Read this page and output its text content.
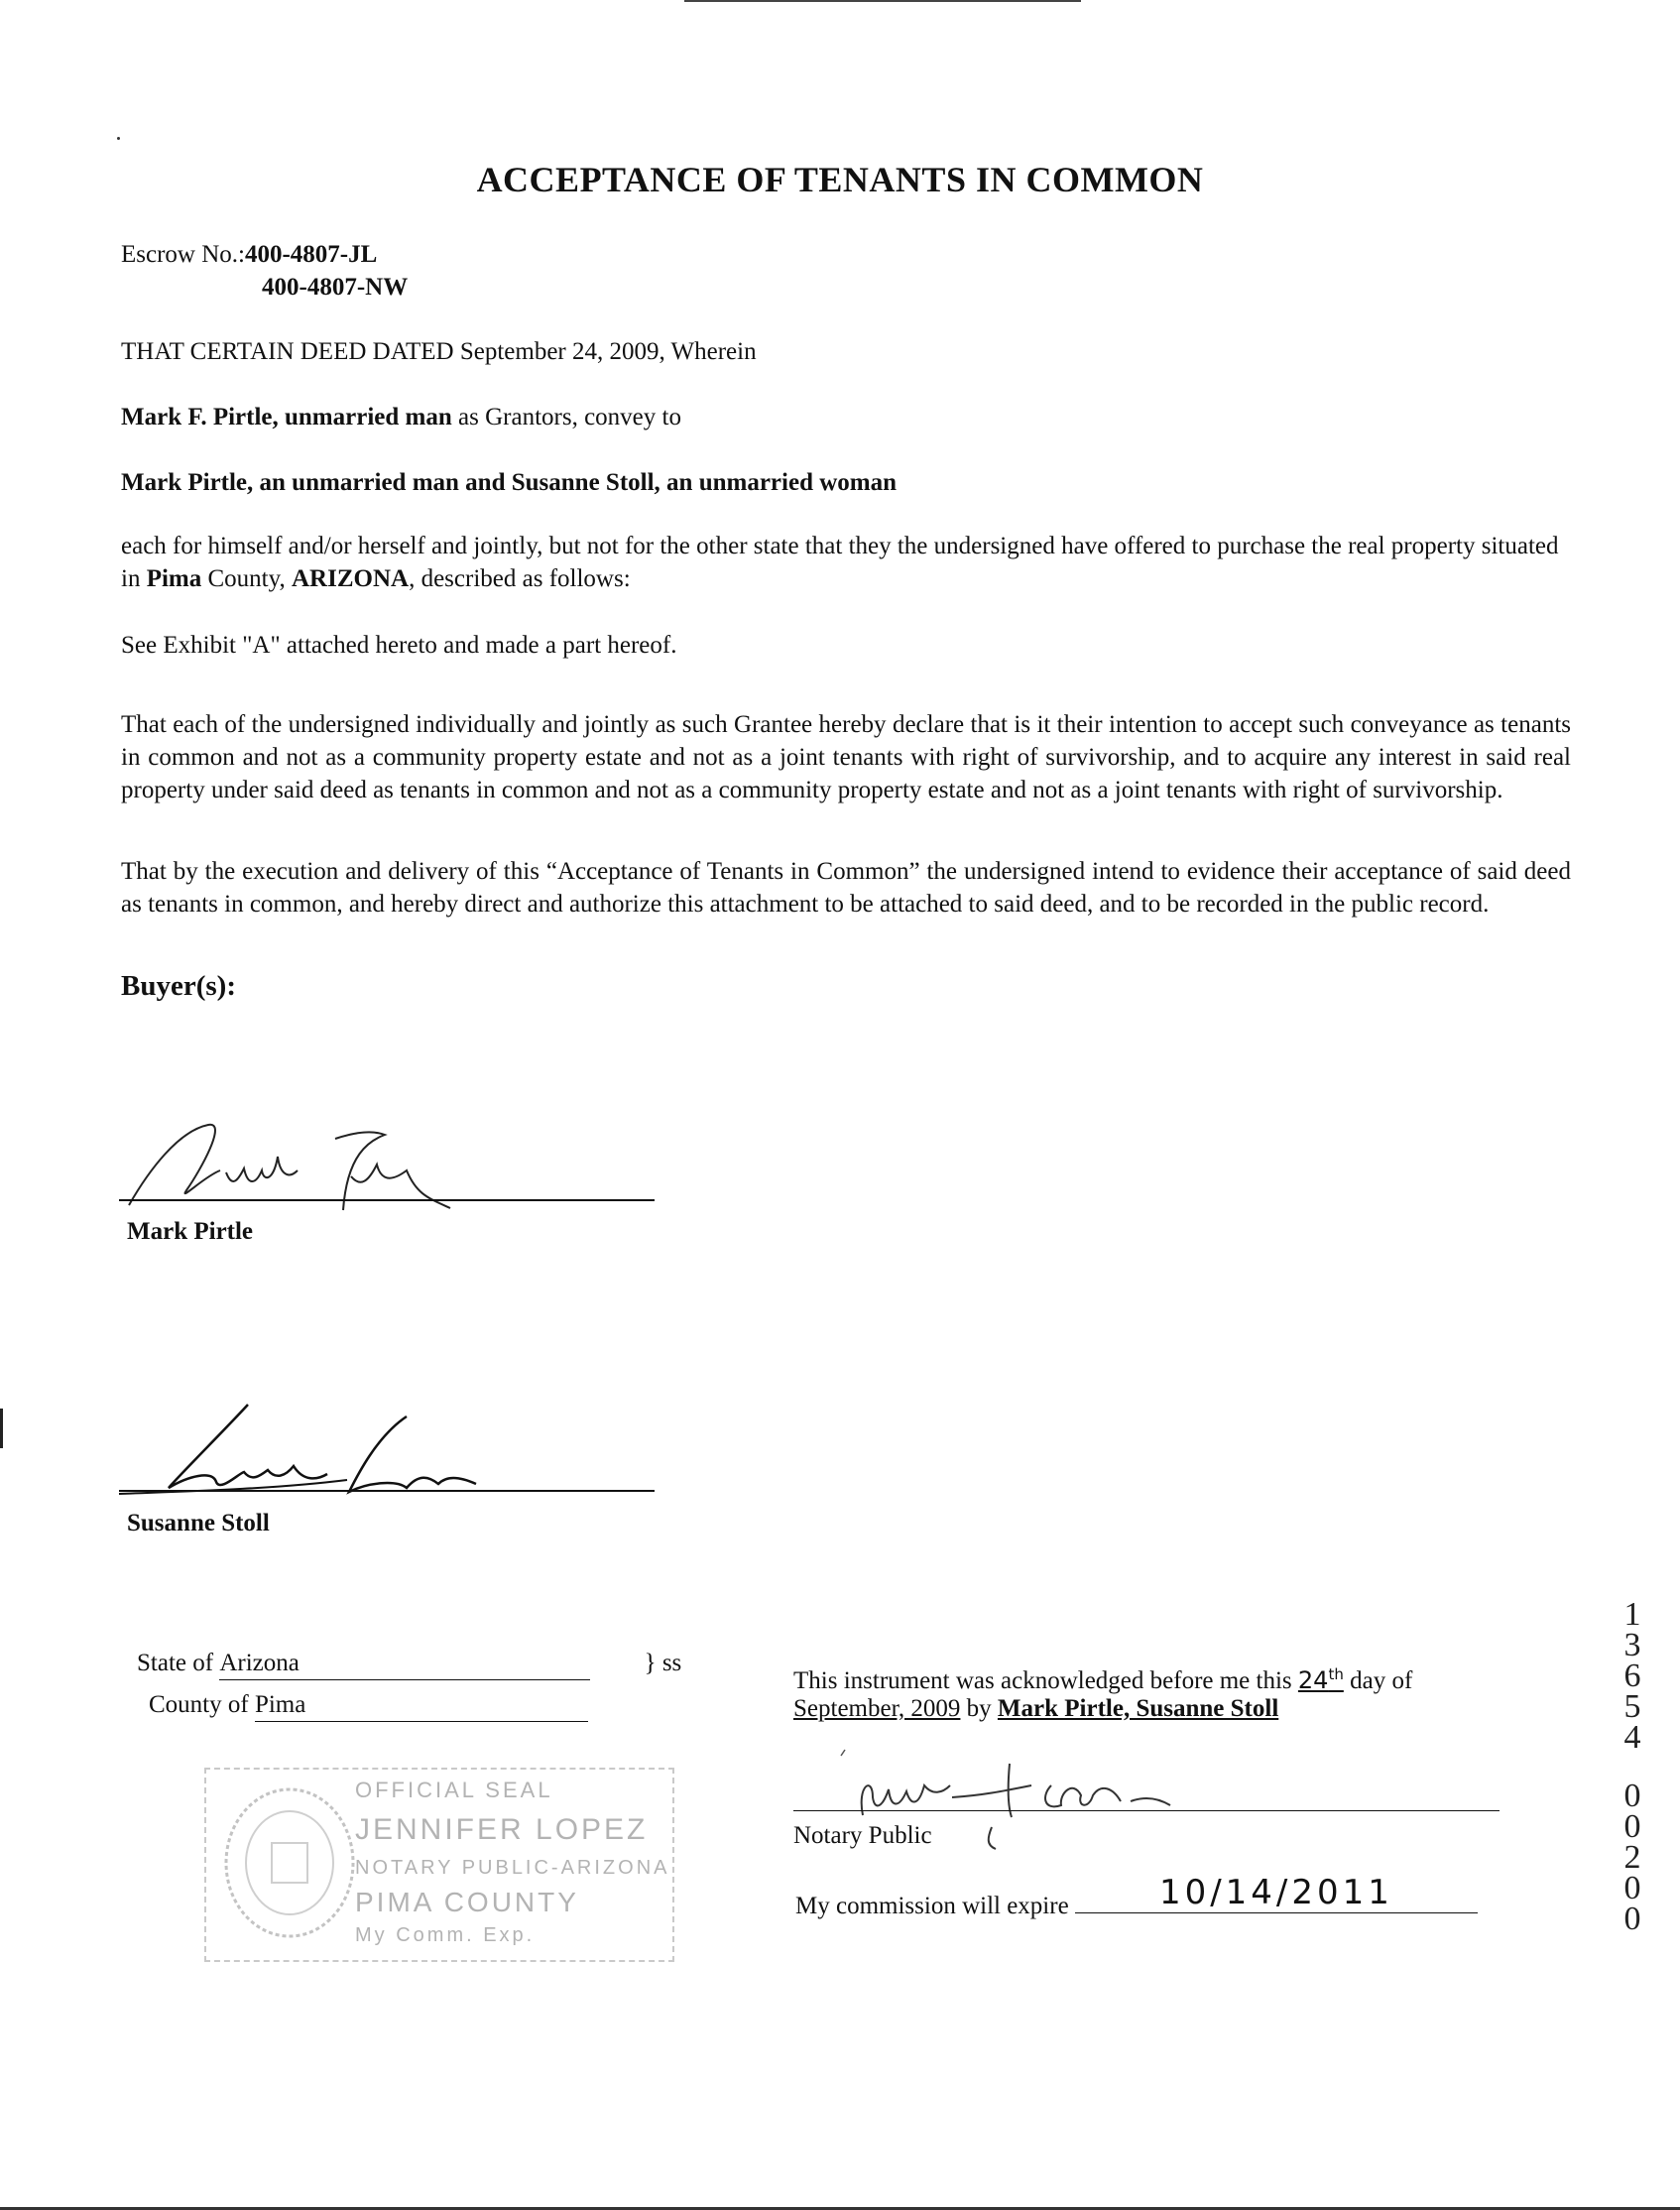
ACCEPTANCE OF TENANTS IN COMMON
Escrow No.:400-4807-JL
400-4807-NW
THAT CERTAIN DEED DATED September 24, 2009, Wherein
Mark F. Pirtle, unmarried man as Grantors, convey to
Mark Pirtle, an unmarried man and Susanne Stoll, an unmarried woman
each for himself and/or herself and jointly, but not for the other state that they the undersigned have offered to purchase the real property situated in Pima County, ARIZONA, described as follows:
See Exhibit "A" attached hereto and made a part hereof.
That each of the undersigned individually and jointly as such Grantee hereby declare that is it their intention to accept such conveyance as tenants in common and not as a community property estate and not as a joint tenants with right of survivorship, and to acquire any interest in said real property under said deed as tenants in common and not as a community property estate and not as a joint tenants with right of survivorship.
That by the execution and delivery of this “Acceptance of Tenants in Common” the undersigned intend to evidence their acceptance of said deed as tenants in common, and hereby direct and authorize this attachment to be attached to said deed, and to be recorded in the public record.
Buyer(s):
Mark Pirtle
Susanne Stoll
State of Arizona	} ss
County of Pima
OFFICIAL SEAL
JENNIFER LOPEZ
NOTARY PUBLIC-ARIZONA
PIMA COUNTY
My Comm. Exp.
This instrument was acknowledged before me this 24th day of
September, 2009 by Mark Pirtle, Susanne Stoll
Notary Public
My commission will expire	10/14/2011
1
3
6
5
4
0
0
2
0
0
